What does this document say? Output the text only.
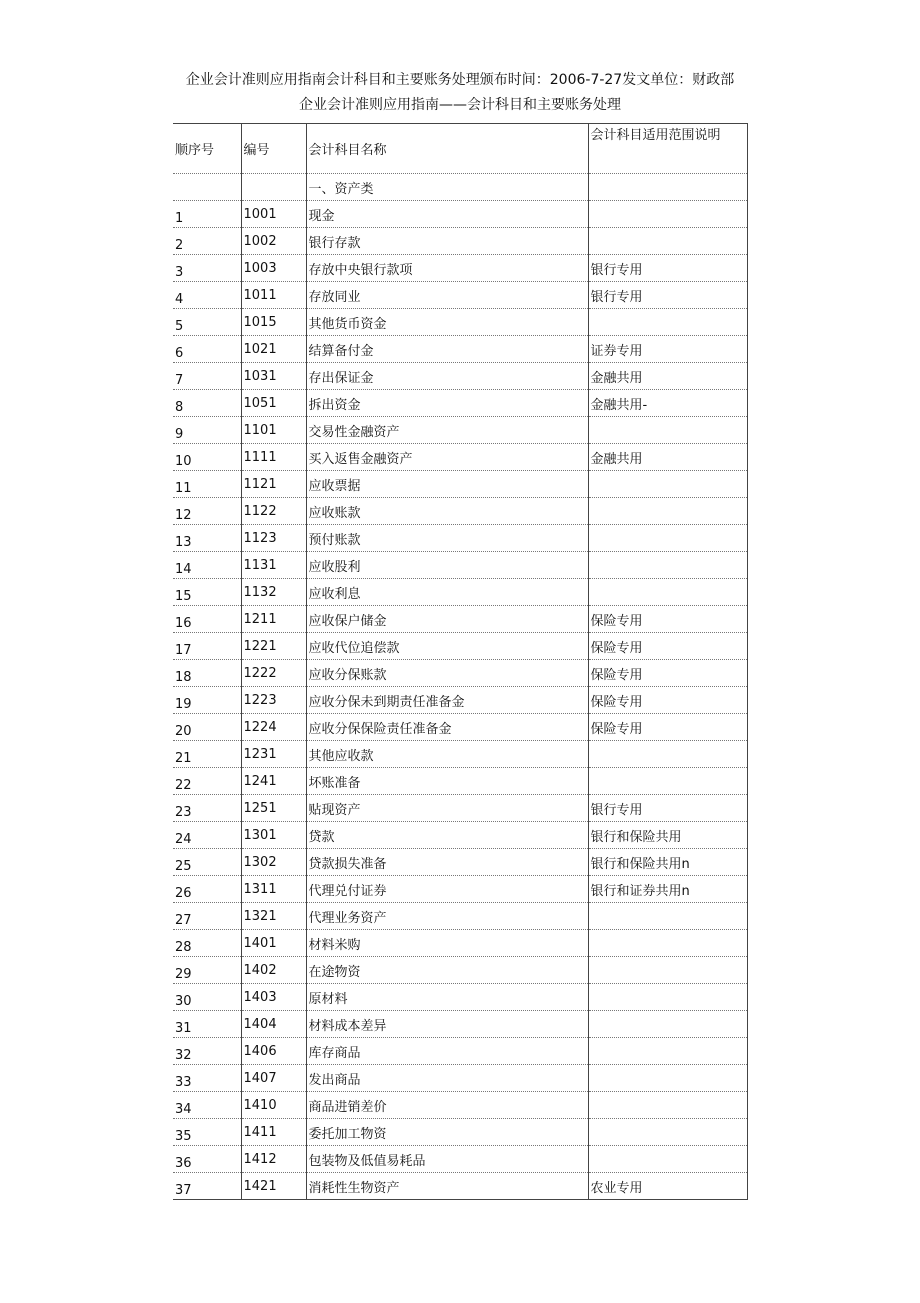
企业会计准则应用指南会计科目和主要账务处理颁布时间：2006-7-27发文单位：财政部
企业会计准则应用指南——会计科目和主要账务处理
顺序号	编号	会计科目名称	会计科目适用范围说明
		一、资产类	
1	1001	现金	
2	1002	银行存款	
3	1003	存放中央银行款项	银行专用
4	1011	存放同业	银行专用
5	1015	其他货币资金	
6	1021	结算备付金	证券专用
7	1031	存出保证金	金融共用
8	1051	拆出资金	金融共用-
9	1101	交易性金融资产	
10	1111	买入返售金融资产	金融共用
11	1121	应收票据	
12	1122	应收账款	
13	1123	预付账款	
14	1131	应收股利	
15	1132	应收利息	
16	1211	应收保户储金	保险专用
17	1221	应收代位追偿款	保险专用
18	1222	应收分保账款	保险专用
19	1223	应收分保未到期责任准备金	保险专用
20	1224	应收分保保险责任准备金	保险专用
21	1231	其他应收款	
22	1241	坏账准备	
23	1251	贴现资产	银行专用
24	1301	贷款	银行和保险共用
25	1302	贷款损失准备	银行和保险共用n
26	1311	代理兑付证券	银行和证券共用n
27	1321	代理业务资产	
28	1401	材料米购	
29	1402	在途物资	
30	1403	原材料	
31	1404	材料成本差异	
32	1406	库存商品	
33	1407	发出商品	
34	1410	商品进销差价	
35	1411	委托加工物资	
36	1412	包装物及低值易耗品	
37	1421	消耗性生物资产	农业专用
